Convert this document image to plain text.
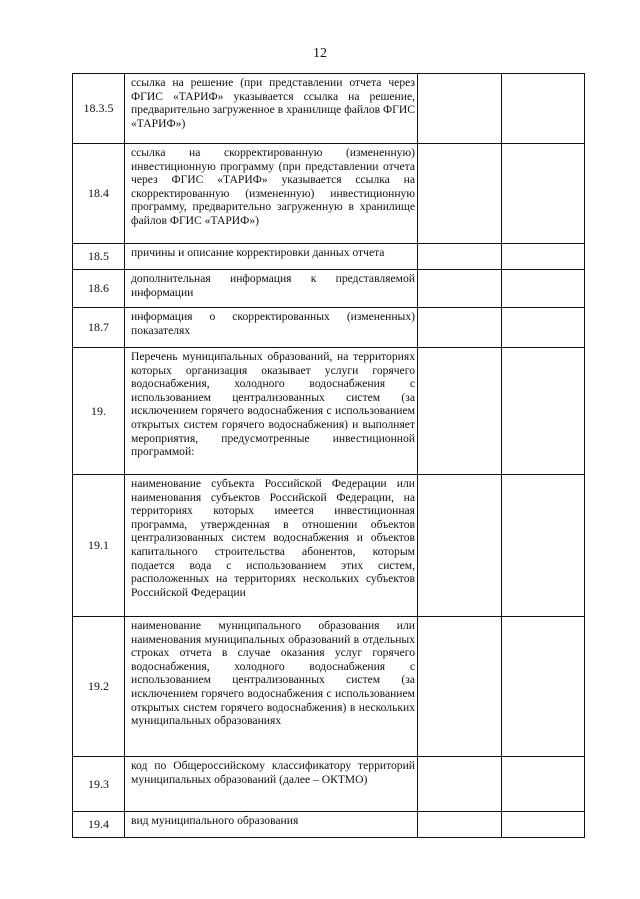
12
18.3.5	ссылка на решение (при представлении отчета через ФГИС «ТАРИФ» указывается ссылка на решение, предварительно загруженное в хранилище файлов ФГИС «ТАРИФ»)		
18.4	ссылка на скорректированную (измененную) инвестиционную программу (при представлении отчета через ФГИС «ТАРИФ» указывается ссылка на скорректированную (измененную) инвестиционную программу, предварительно загруженную в хранилище файлов ФГИС «ТАРИФ»)		
18.5	причины и описание корректировки данных отчета		
18.6	дополнительная информация к представляемой информации		
18.7	информация о скорректированных (измененных) показателях		
19.	Перечень муниципальных образований, на территориях которых организация оказывает услуги горячего водоснабжения, холодного водоснабжения с использованием централизованных систем (за исключением горячего водоснабжения с использованием открытых систем горячего водоснабжения) и выполняет мероприятия, предусмотренные инвестиционной программой:		
19.1	наименование субъекта Российской Федерации или наименования субъектов Российской Федерации, на территориях которых имеется инвестиционная программа, утвержденная в отношении объектов централизованных систем водоснабжения и объектов капитального строительства абонентов, которым подается вода с использованием этих систем, расположенных на территориях нескольких субъектов Российской Федерации		
19.2	наименование муниципального образования или наименования муниципальных образований в отдельных строках отчета в случае оказания услуг горячего водоснабжения, холодного водоснабжения с использованием централизованных систем (за исключением горячего водоснабжения с использованием открытых систем горячего водоснабжения) в нескольких муниципальных образованиях		
19.3	код по Общероссийскому классификатору территорий муниципальных образований (далее – ОКТМО)		
19.4	вид муниципального образования		
